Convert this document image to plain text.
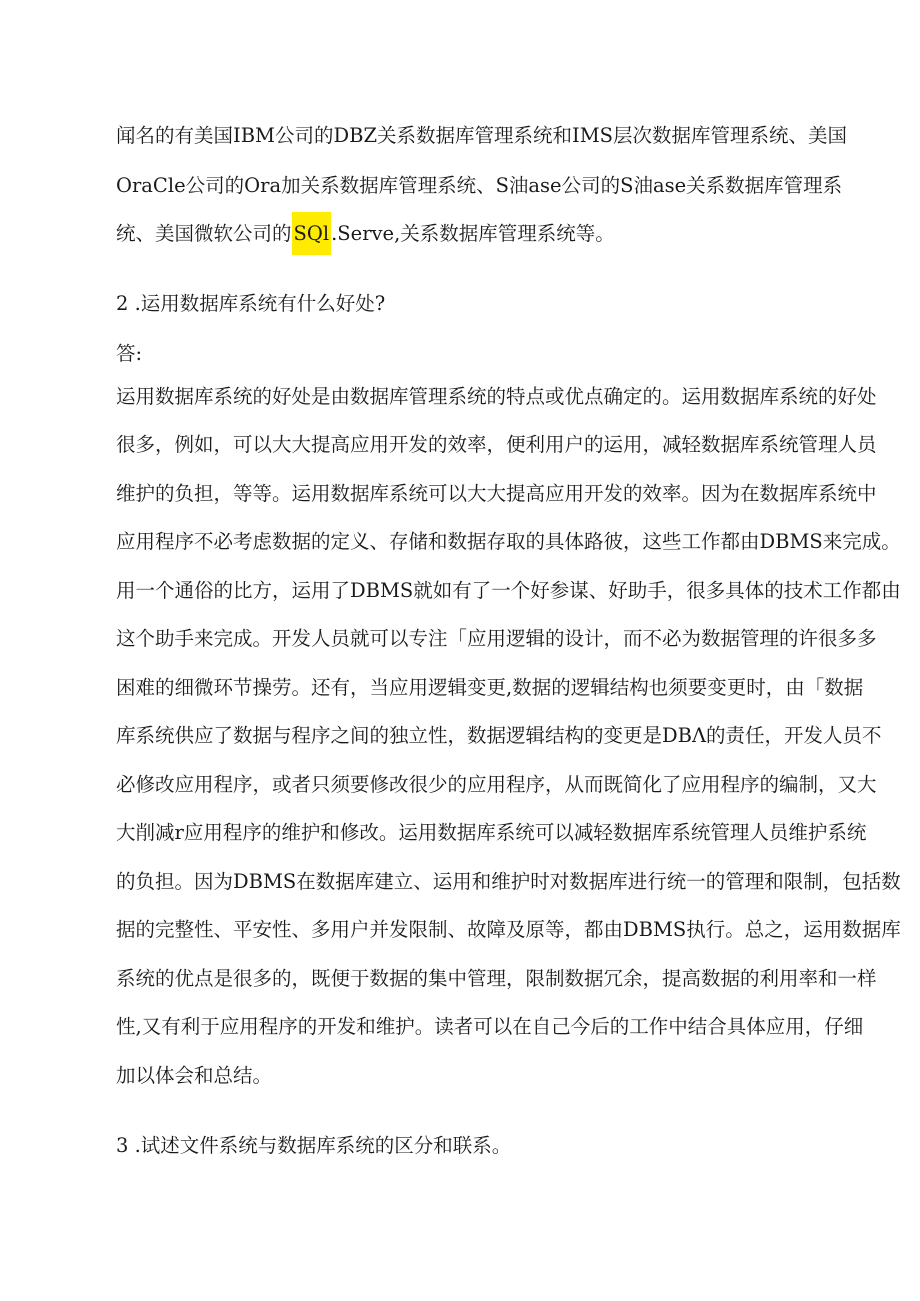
闻名的有美国IBM公司的DBZ关系数据库管理系统和IMS层次数据库管理系统、美国
OraCle公司的Ora加关系数据库管理系统、S油ase公司的S油ase关系数据库管理系
统、美国微软公司的 SQl .Serve,关系数据库管理系统等。
2 .运用数据库系统有什么好处?
答:
运用数据库系统的好处是由数据库管理系统的特点或优点确定的。运用数据库系统的好处
很多，例如，可以大大提高应用开发的效率，便利用户的运用，减轻数据库系统管理人员
维护的负担，等等。运用数据库系统可以大大提高应用开发的效率。因为在数据库系统中
应用程序不必考虑数据的定义、存储和数据存取的具体路彼，这些工作都由DBMS来完成。
用一个通俗的比方，运用了DBMS就如有了一个好参谋、好助手，很多具体的技术工作都由
这个助手来完成。开发人员就可以专注「应用逻辑的设计，而不必为数据管理的许很多多
困难的细微环节操劳。还有，当应用逻辑变更,数据的逻辑结构也须要变更时，由「数据
库系统供应了数据与程序之间的独立性，数据逻辑结构的变更是DBΛ的责任，开发人员不
必修改应用程序，或者只须要修改很少的应用程序，从而既简化了应用程序的编制，又大
大削减r应用程序的维护和修改。运用数据库系统可以减轻数据库系统管理人员维护系统
的负担。因为DBMS在数据库建立、运用和维护时对数据库进行统一的管理和限制，包括数
据的完整性、平安性、多用户并发限制、故障及原等，都由DBMS执行。总之，运用数据库
系统的优点是很多的，既便于数据的集中管理，限制数据冗余，提高数据的利用率和一样
性,又有利于应用程序的开发和维护。读者可以在自己今后的工作中结合具体应用，仔细
加以体会和总结。
3 .试述文件系统与数据库系统的区分和联系。
